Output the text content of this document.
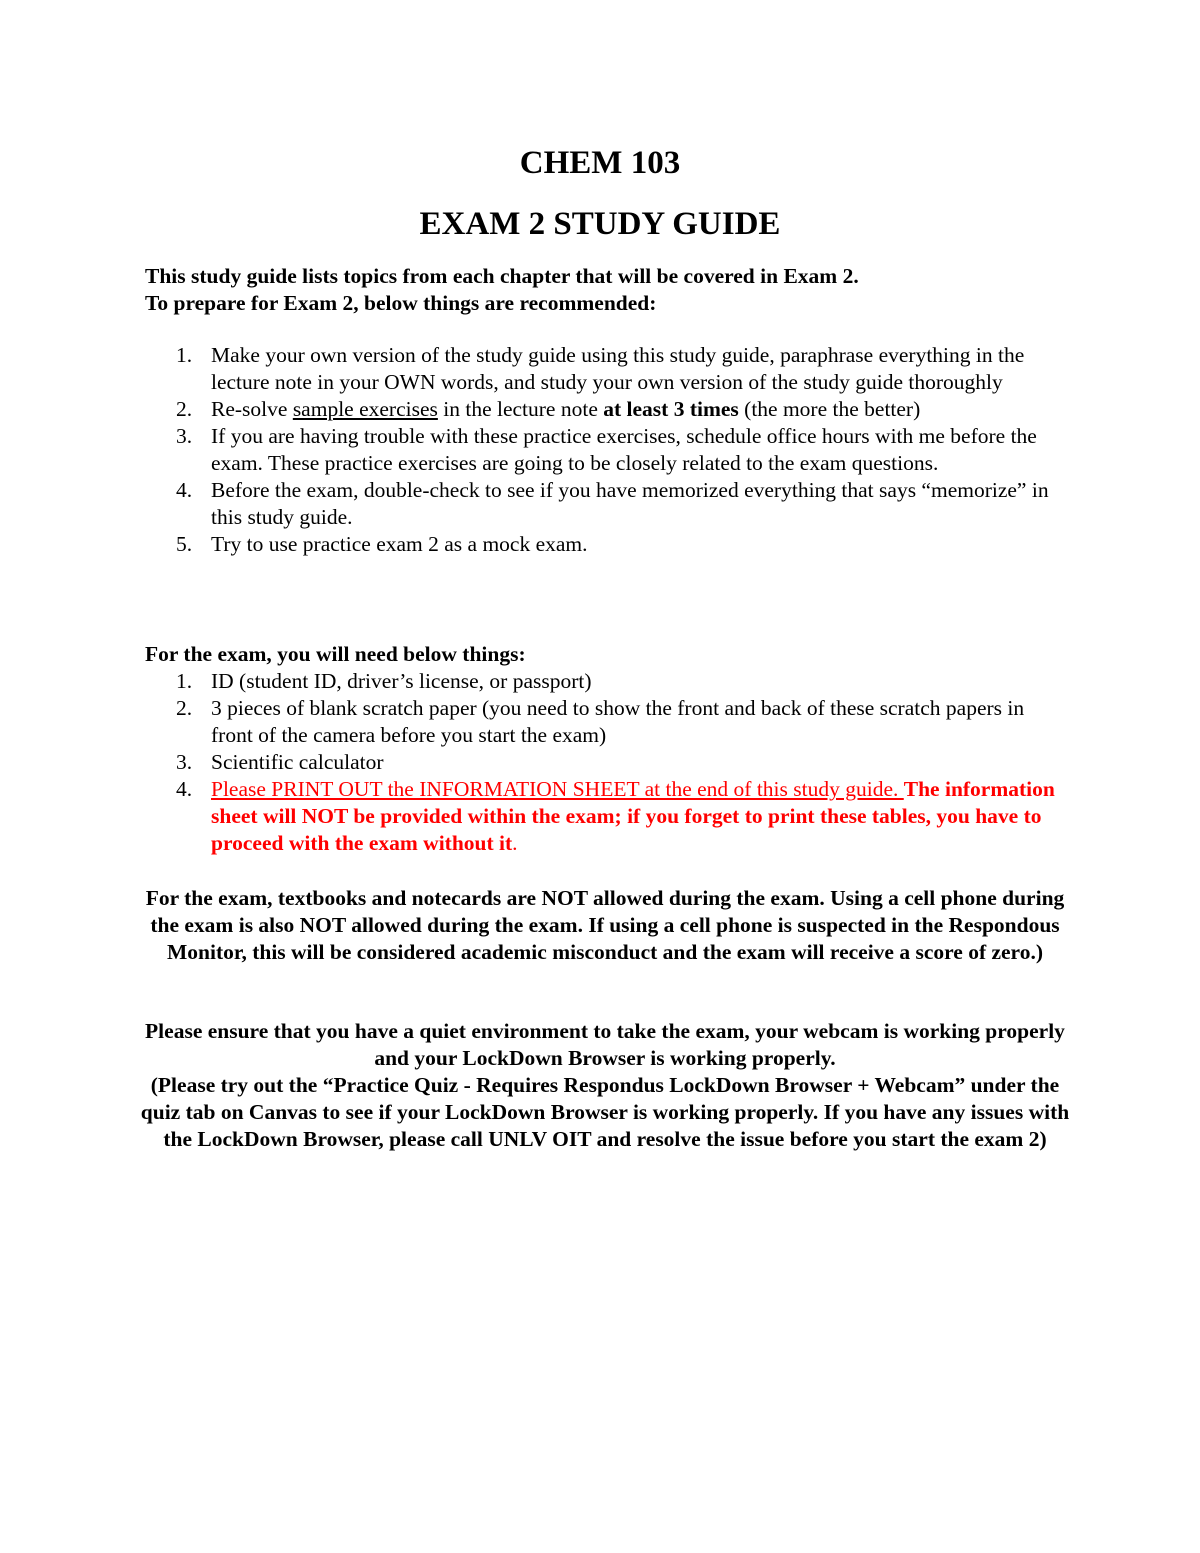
CHEM 103
EXAM 2 STUDY GUIDE

This study guide lists topics from each chapter that will be covered in Exam 2.

To prepare for Exam 2, below things are recommended:

1. Make your own version of the study guide using this study guide, paraphrase everything in the lecture note in your OWN words, and study your own version of the study guide thoroughly
2. Re-solve sample exercises in the lecture note at least 3 times (the more the better)
3. If you are having trouble with these practice exercises, schedule office hours with me before the exam. These practice exercises are going to be closely related to the exam questions.
4. Before the exam, double-check to see if you have memorized everything that says “memorize” in this study guide.
5. Try to use practice exam 2 as a mock exam.
For the exam, you will need below things:
1. ID (student ID, driver’s license, or passport)
2. 3 pieces of blank scratch paper (you need to show the front and back of these scratch papers in front of the camera before you start the exam)
3. Scientific calculator
4. Please PRINT OUT the INFORMATION SHEET at the end of this study guide. The information sheet will NOT be provided within the exam; if you forget to print these tables, you have to proceed with the exam without it.

For the exam, textbooks and notecards are NOT allowed during the exam. Using a cell phone during the exam is also NOT allowed during the exam. If using a cell phone is suspected in the Respondous Monitor, this will be considered academic misconduct and the exam will receive a score of zero.)

Please ensure that you have a quiet environment to take the exam, your webcam is working properly and your LockDown Browser is working properly.
(Please try out the “Practice Quiz - Requires Respondus LockDown Browser + Webcam” under the quiz tab on Canvas to see if your LockDown Browser is working properly. If you have any issues with the LockDown Browser, please call UNLV OIT and resolve the issue before you start the exam 2)
